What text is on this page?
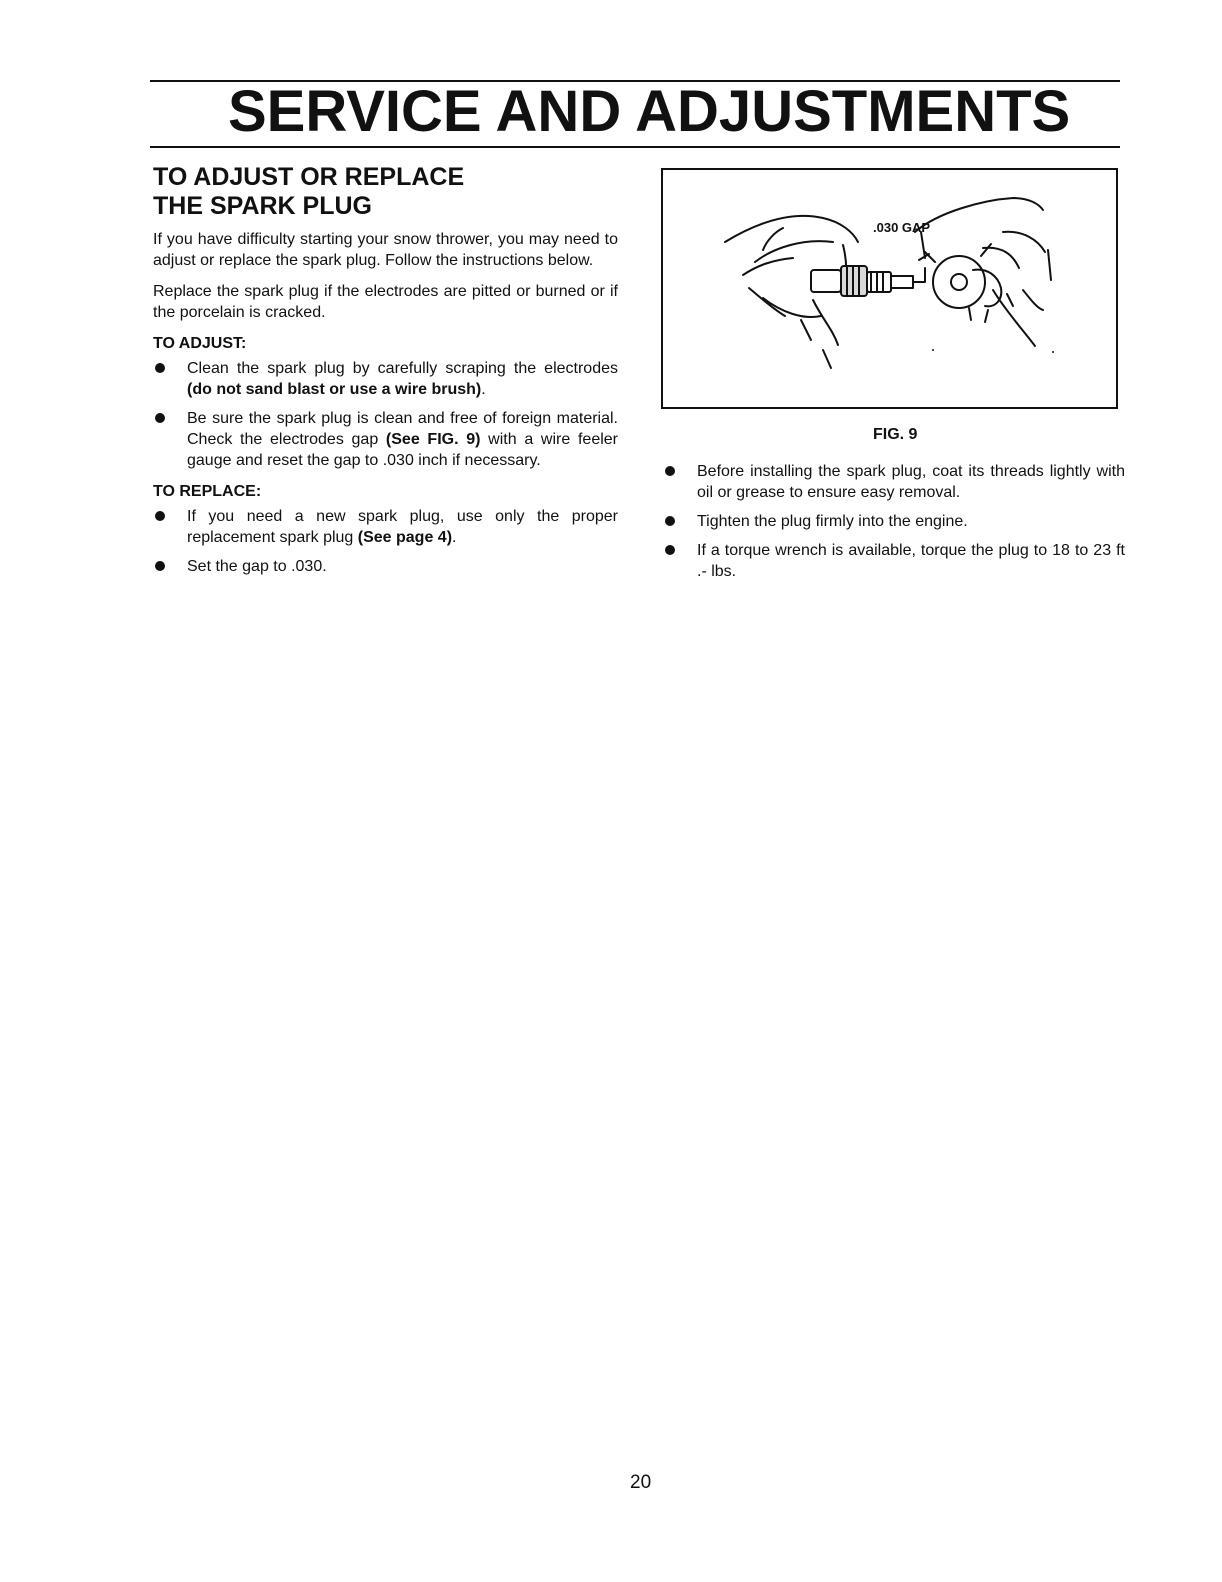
SERVICE AND ADJUSTMENTS
TO ADJUST OR REPLACE
THE SPARK PLUG

If you have difficulty starting your snow thrower, you may need to adjust or replace the spark plug. Follow the instructions below.

Replace the spark plug if the electrodes are pitted or burned or if the porcelain is cracked.

TO ADJUST:
Clean the spark plug by carefully scraping the electrodes (do not sand blast or use a wire brush).
Be sure the spark plug is clean and free of foreign material. Check the electrodes gap (See FIG. 9) with a wire feeler gauge and reset the gap to .030 inch if necessary.
TO REPLACE:
If you need a new spark plug, use only the proper replacement spark plug (See page 4).
Set the gap to .030.
.030 GAP
FIG. 9
Before installing the spark plug, coat its threads lightly with oil or grease to ensure easy removal.
Tighten the plug firmly into the engine.
If a torque wrench is available, torque the plug to 18 to 23 ft .- lbs.
20
